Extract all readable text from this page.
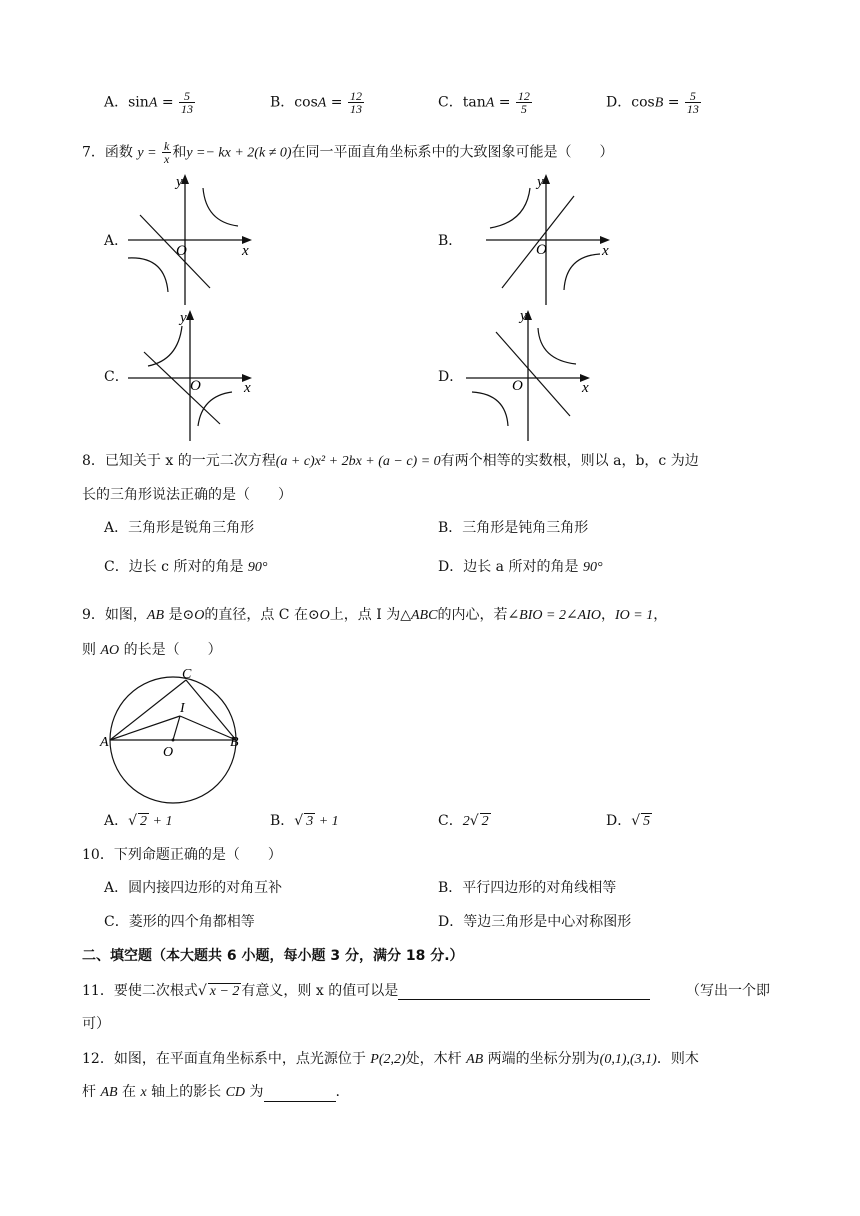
A．$\sin A = \frac{5}{13}$	B．$\cos A = \frac{12}{13}$	C．$\tan A = \frac{12}{5}$	D．$\cos B = \frac{5}{13}$
7．函数 $y = \frac{k}{x}$ 和y =− kx + 2(k ≠ 0)在同一平面直角坐标系中的大致图象可能是（　　）
A．	B．
C．	D．
x
y
O	x
y
O
x
y
O	x
y
O
8．已知关于 x 的一元二次方程(a + c)x² + 2bx + (a − c) = 0有两个相等的实数根，则以 a，b，c 为边
长的三角形说法正确的是（　　）
A．三角形是锐角三角形	B．三角形是钝角三角形
C．边长 c 所对的角是 90°	D．边长 a 所对的角是 90°
9．如图，AB 是⊙O的直径，点 C 在⊙O上，点 I 为△ABC的内心，若∠BIO = 2∠AIO，IO = 1，
则 AO 的长是（　　）
A	B
C
I
O
A．√ 2 + 1	B．√ 3 + 1	C．2√ 2	D．√ 5
10．下列命题正确的是（　　）
A．圆内接四边形的对角互补	B．平行四边形的对角线相等
C．菱形的四个角都相等	D．等边三角形是中心对称图形
二、填空题（本大题共 6 小题，每小题 3 分，满分 18 分.）
11．要使二次根式√ x − 2 有意义，则 x 的值可以是	（写出一个即
可）
12．如图，在平面直角坐标系中，点光源位于 P(2,2)处，木杆 AB 两端的坐标分别为(0,1),(3,1)．则木
杆 AB 在 x 轴上的影长 CD 为	.
